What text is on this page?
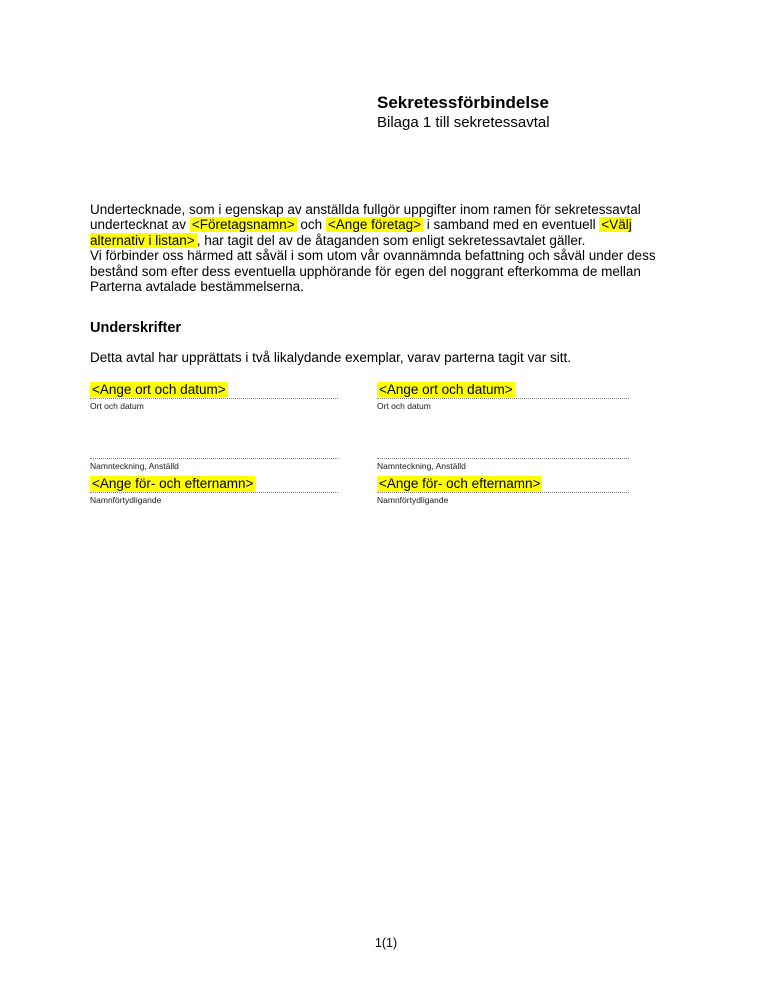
Sekretessförbindelse
Bilaga 1 till sekretessavtal
Undertecknade, som i egenskap av anställda fullgör uppgifter inom ramen för sekretessavtal undertecknat av <Företagsnamn> och <Ange företag> i samband med en eventuell <Välj alternativ i listan> , har tagit del av de åtaganden som enligt sekretessavtalet gäller.
Vi förbinder oss härmed att såväl i som utom vår ovannämnda befattning och såväl under dess bestånd som efter dess eventuella upphörande för egen del noggrant efterkomma de mellan Parterna avtalade bestämmelserna.
Underskrifter
Detta avtal har upprättats i två likalydande exemplar, varav parterna tagit var sitt.
<Ange ort och datum>
Ort och datum
Namnteckning, Anställd
<Ange för- och efternamn>
Namnförtydligande
<Ange ort och datum>
Ort och datum
Namnteckning, Anställd
<Ange för- och efternamn>
Namnförtydligande
1(1)
